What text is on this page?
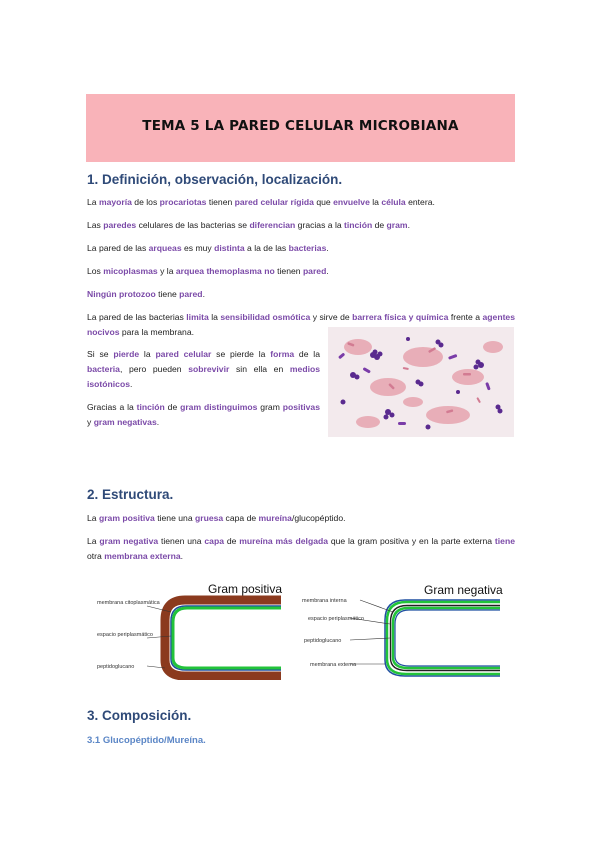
TEMA 5 LA PARED CELULAR MICROBIANA
1. Definición, observación, localización.

La mayoría de los procariotas tienen pared celular rígida que envuelve la célula entera.

Las paredes celulares de las bacterias se diferencian gracias a la tinción de gram.

La pared de las arqueas es muy distinta a la de las bacterias.

Los micoplasmas y la arquea themoplasma no tienen pared.

Ningún protozoo tiene pared.

La pared de las bacterias limita la sensibilidad osmótica y sirve de barrera física y química frente a agentes nocivos para la membrana.

Si se pierde la pared celular se pierde la forma de la bacteria, pero pueden sobrevivir sin ella en medios isotónicos.

Gracias a la tinción de gram distinguimos gram positivas y gram negativas.

2. Estructura.

La gram positiva tiene una gruesa capa de mureína/glucopéptido.

La gram negativa tienen una capa de mureína más delgada que la gram positiva y en la parte externa tiene otra membrana externa.

Gram positiva
membrana citoplasmática
espacio periplasmático
peptidoglucano
Gram negativa
membrana interna
espacio periplasmático
peptidoglucano
membrana externa
3. Composición.
3.1 Glucopéptido/Mureína.
